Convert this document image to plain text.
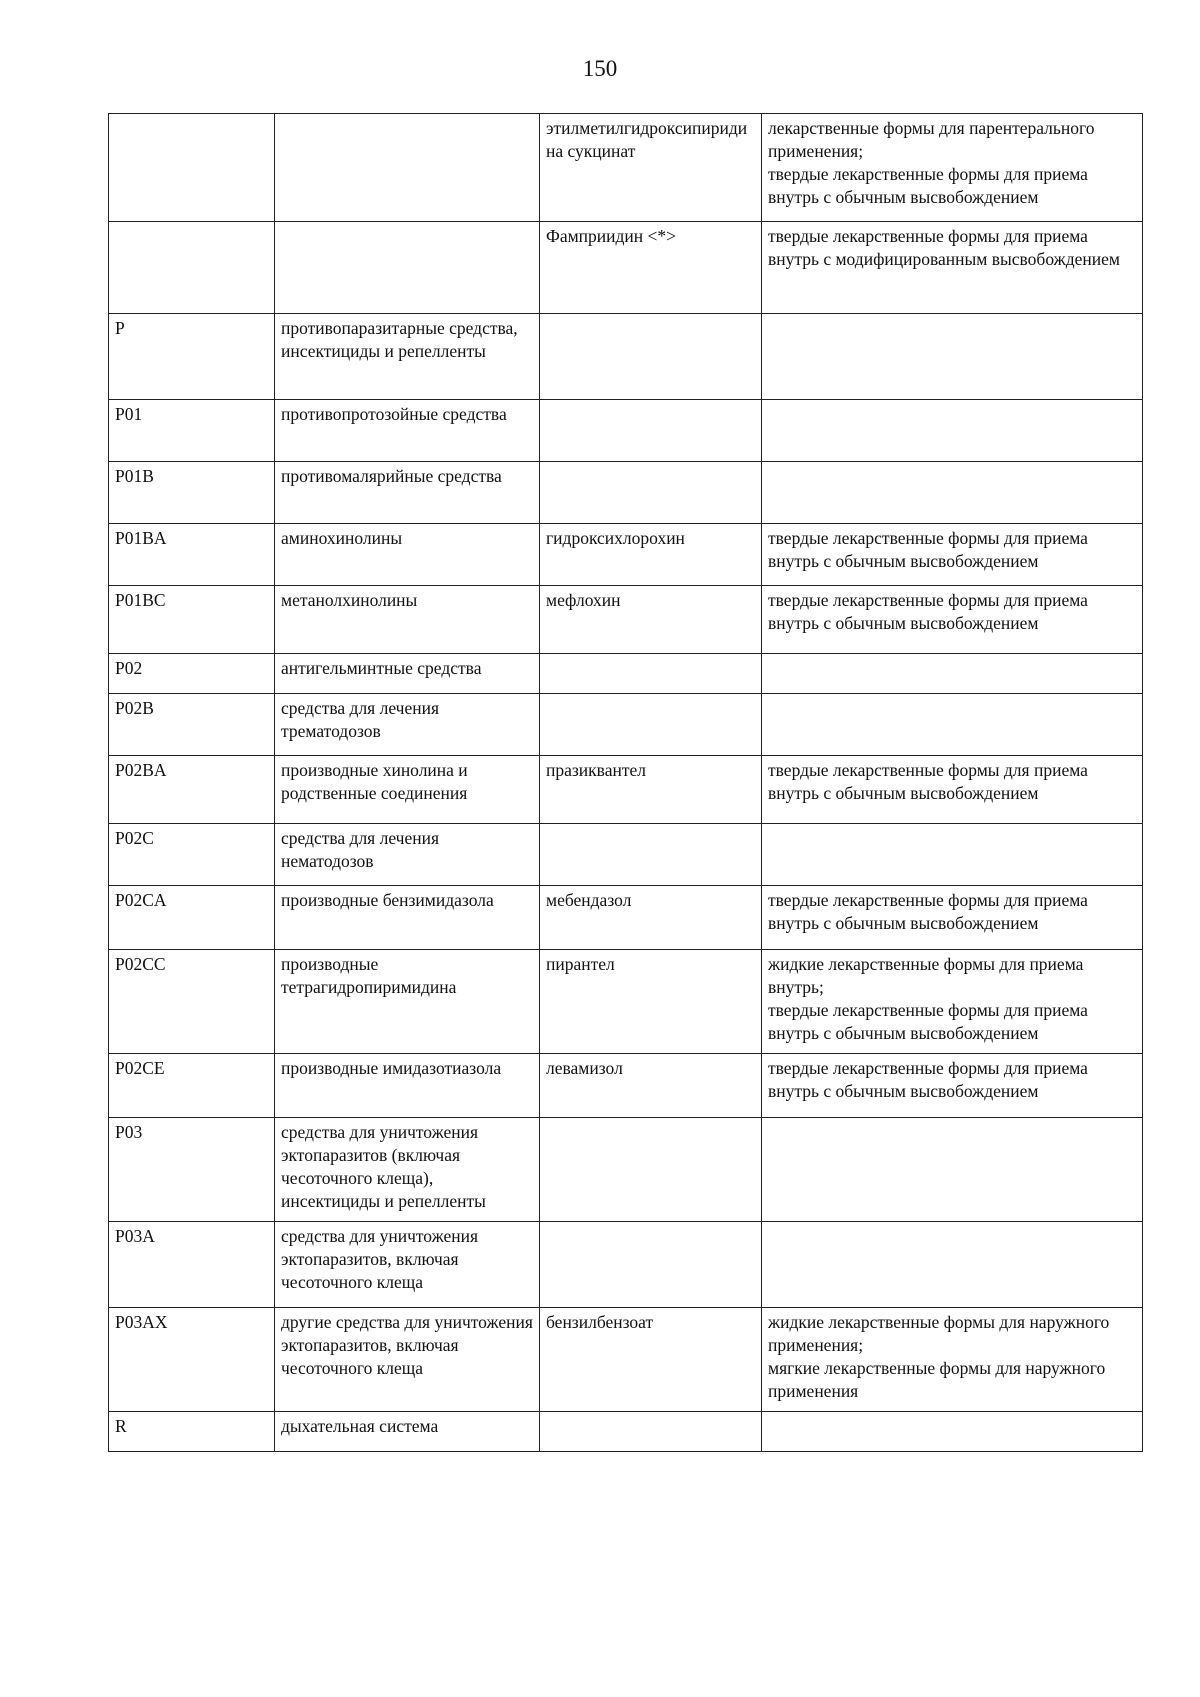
150
		этилметилгидроксипиридина сукцинат	лекарственные формы для парентерального применения;
твердые лекарственные формы для приема внутрь с обычным высвобождением

		Фамприидин <*>	твердые лекарственные формы для приема внутрь с модифицированным высвобождением

P	противопаразитарные средства, инсектициды и репелленты		
P01	противопротозойные средства		
P01B	противомалярийные средства		
P01BA	аминохинолины	гидроксихлорохин	твердые лекарственные формы для приема внутрь с обычным высвобождением

P01BC	метанолхинолины	мефлохин	твердые лекарственные формы для приема внутрь с обычным высвобождением

P02	антигельминтные средства		
P02B	средства для лечения трематодозов		
P02BA	производные хинолина и родственные соединения	празиквантел	твердые лекарственные формы для приема внутрь с обычным высвобождением

P02C	средства для лечения нематодозов		
P02CA	производные бензимидазола	мебендазол	твердые лекарственные формы для приема внутрь с обычным высвобождением

P02CC	производные тетрагидропиримидина	пирантел	жидкие лекарственные формы для приема внутрь;
твердые лекарственные формы для приема внутрь с обычным высвобождением

P02CE	производные имидазотиазола	левамизол	твердые лекарственные формы для приема внутрь с обычным высвобождением

P03	средства для уничтожения эктопаразитов (включая чесоточного клеща), инсектициды и репелленты		
P03A	средства для уничтожения эктопаразитов, включая чесоточного клеща		
P03AX	другие средства для уничтожения эктопаразитов, включая чесоточного клеща	бензилбензоат	жидкие лекарственные формы для наружного применения;
мягкие лекарственные формы для наружного применения

R	дыхательная система		
